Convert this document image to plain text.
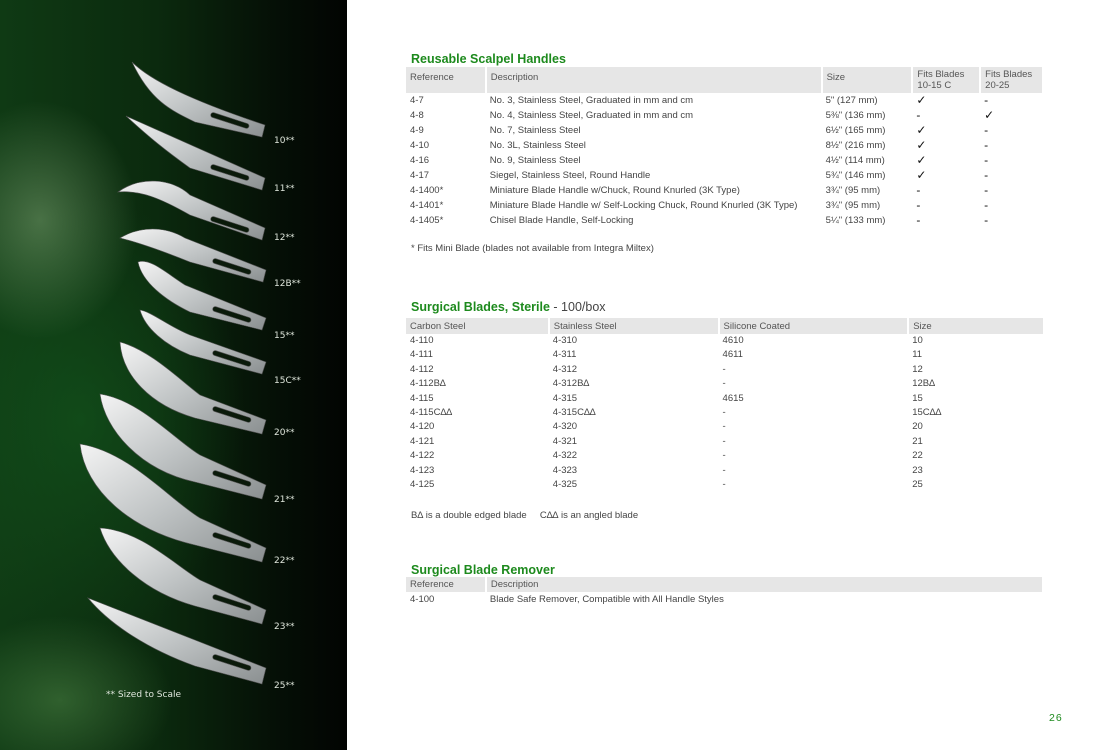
10**
11**
12**
12B**
15**
15C**
20**
21**
22**
23**
25**
** Sized to Scale
Reusable Scalpel Handles
Reference	Description	Size	Fits Blades 10-15 C	Fits Blades 20-25
4-7	No. 3, Stainless Steel, Graduated in mm and cm	5" (127 mm)	✓	-
4-8	No. 4, Stainless Steel, Graduated in mm and cm	5⅜" (136 mm)	-	✓
4-9	No. 7, Stainless Steel	6½" (165 mm)	✓	-
4-10	No. 3L, Stainless Steel	8½" (216 mm)	✓	-
4-16	No. 9, Stainless Steel	4½" (114 mm)	✓	-
4-17	Siegel, Stainless Steel, Round Handle	5¾" (146 mm)	✓	-
4-1400*	Miniature Blade Handle w/Chuck, Round Knurled (3K Type)	3¾" (95 mm)	-	-
4-1401*	Miniature Blade Handle w/ Self-Locking Chuck, Round Knurled (3K Type)	3¾" (95 mm)	-	-
4-1405*	Chisel Blade Handle, Self-Locking	5¼" (133 mm)	-	-
* Fits Mini Blade (blades not available from Integra Miltex)
Surgical Blades, Sterile - 100/box
Carbon Steel	Stainless Steel	Silicone Coated	Size
4-110	4-310	4610	10
4-111	4-311	4611	11
4-112	4-312	-	12
4-112B∆	4-312B∆	-	12B∆
4-115	4-315	4615	15
4-115C∆∆	4-315C∆∆	-	15C∆∆
4-120	4-320	-	20
4-121	4-321	-	21
4-122	4-322	-	22
4-123	4-323	-	23
4-125	4-325	-	25
B∆ is a double edged blade     C∆∆ is an angled blade
Surgical Blade Remover
Reference	Description
4-100	Blade Safe Remover, Compatible with All Handle Styles
26
